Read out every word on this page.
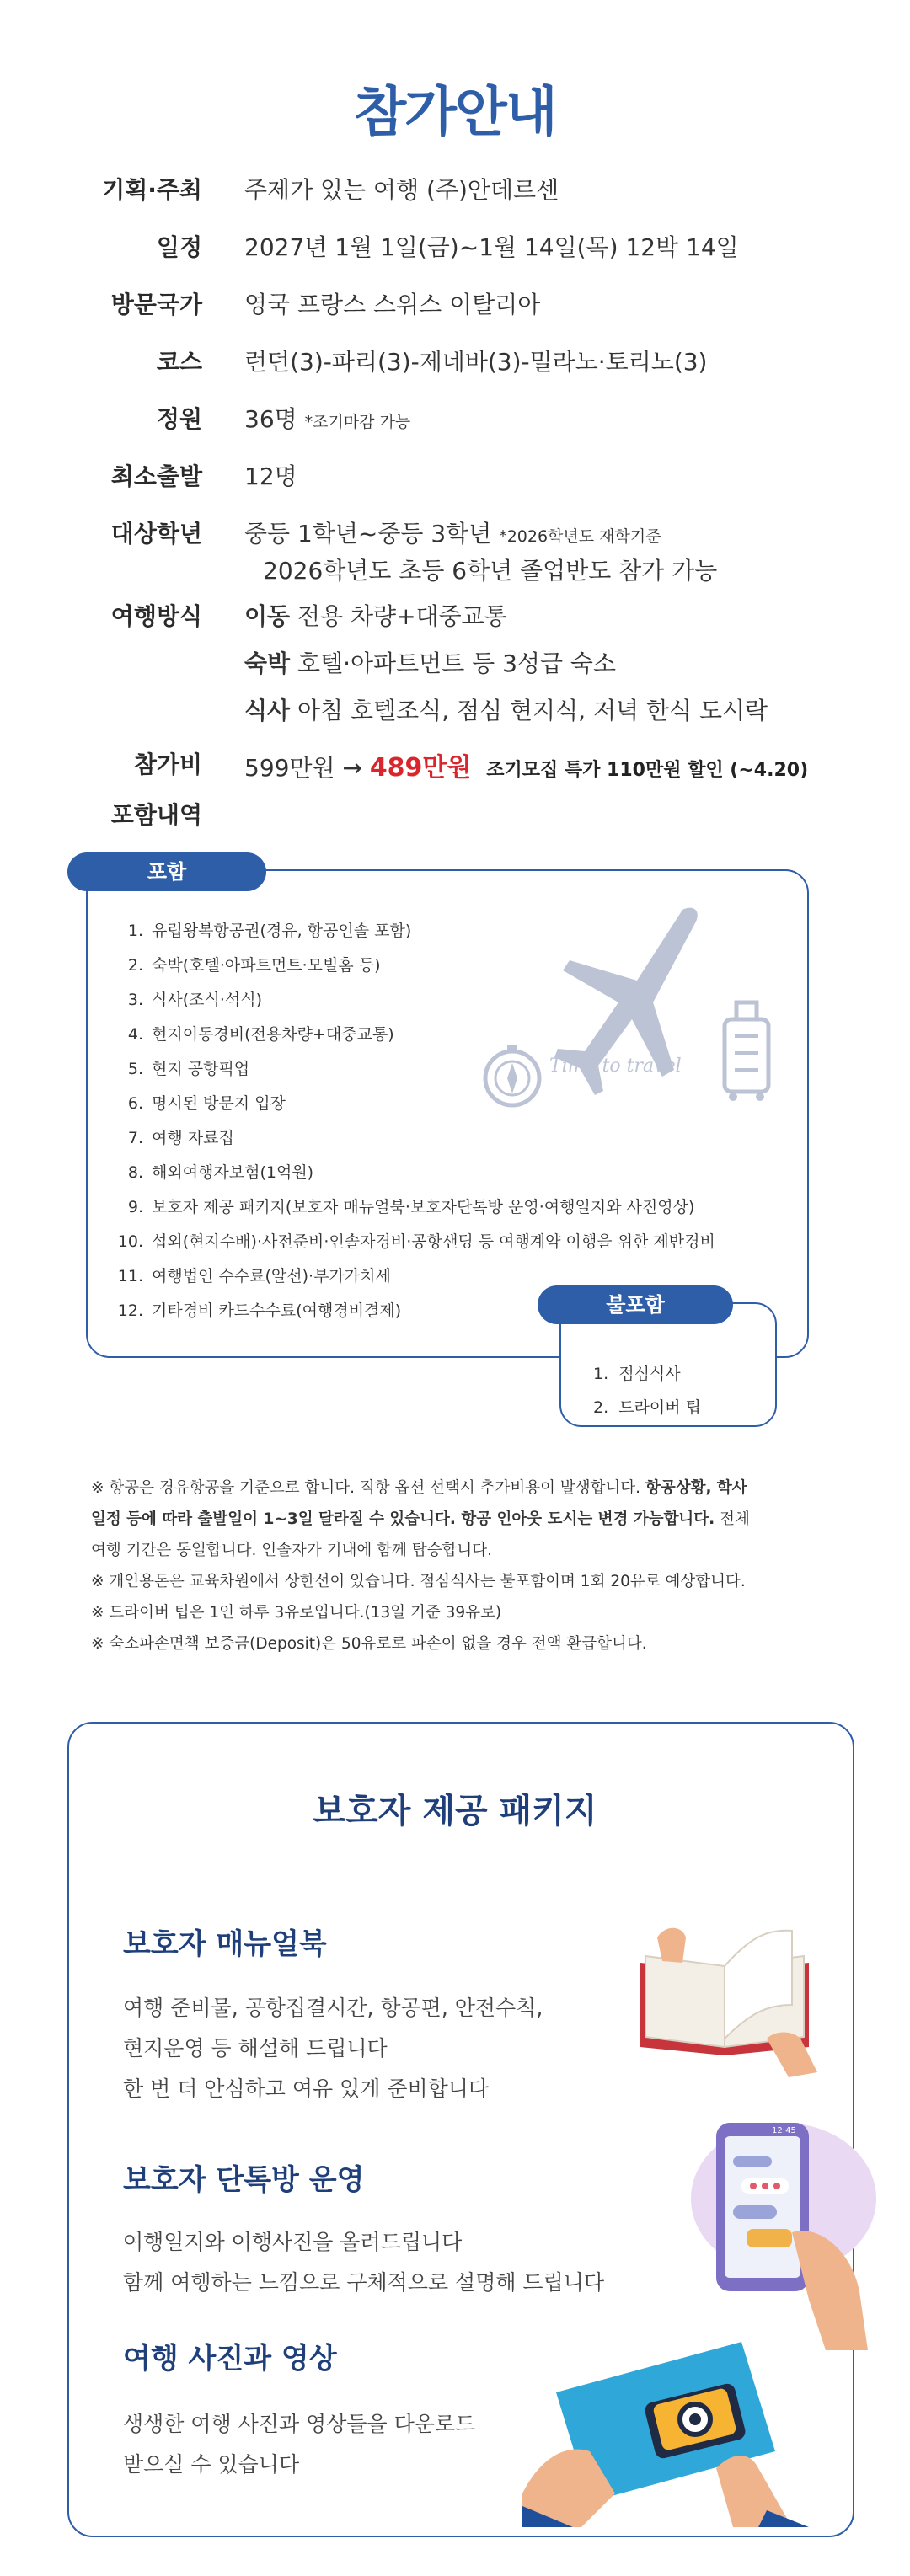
참가안내
기획·주최 주제가 있는 여행 (주)안데르센
일정 2027년 1월 1일(금)~1월 14일(목) 12박 14일
방문국가 영국 프랑스 스위스 이탈리아
코스 런던(3)-파리(3)-제네바(3)-밀라노·토리노(3)
정원 36명 *조기마감 가능
최소출발 12명
대상학년 중등 1학년~중등 3학년 *2026학년도 재학기준
2026학년도 초등 6학년 졸업반도 참가 가능
여행방식 이동 전용 차량+대중교통
숙박 호텔·아파트먼트 등 3성급 숙소
식사 아침 호텔조식, 점심 현지식, 저녁 한식 도시락
참가비 599만원 → 489만원 조기모집 특가 110만원 할인 (~4.20)
포함내역
포함
Time to travel
1. 유럽왕복항공권(경유, 항공인솔 포함)
2. 숙박(호텔·아파트먼트·모빌홈 등)
3. 식사(조식·석식)
4. 현지이동경비(전용차량+대중교통)
5. 현지 공항픽업
6. 명시된 방문지 입장
7. 여행 자료집
8. 해외여행자보험(1억원)
9. 보호자 제공 패키지(보호자 매뉴얼북·보호자단톡방 운영·여행일지와 사진영상)
10. 섭외(현지수배)·사전준비·인솔자경비·공항샌딩 등 여행계약 이행을 위한 제반경비
11. 여행법인 수수료(알선)·부가가치세
12. 기타경비 카드수수료(여행경비결제)	불포함
1.  점심식사
2.  드라이버 팁

※ 항공은 경유항공을 기준으로 합니다. 직항 옵션 선택시 추가비용이 발생합니다. 항공상황, 학사

일정 등에 따라 출발일이 1~3일 달라질 수 있습니다. 항공 인아웃 도시는 변경 가능합니다. 전체

여행 기간은 동일합니다. 인솔자가 기내에 함께 탑승합니다.

※ 개인용돈은 교육차원에서 상한선이 있습니다. 점심식사는 불포함이며 1회 20유로 예상합니다.

※ 드라이버 팁은 1인 하루 3유로입니다.(13일 기준 39유로)

※ 숙소파손면책 보증금(Deposit)은 50유로로 파손이 없을 경우 전액 환급합니다.

보호자 제공 패키지
보호자 매뉴얼북
여행 준비물, 공항집결시간, 항공편, 안전수칙,
현지운영 등 해설해 드립니다
한 번 더 안심하고 여유 있게 준비합니다
보호자 단톡방 운영
여행일지와 여행사진을 올려드립니다
함께 여행하는 느낌으로 구체적으로 설명해 드립니다
여행 사진과 영상
생생한 여행 사진과 영상들을 다운로드
받으실 수 있습니다
12:45
